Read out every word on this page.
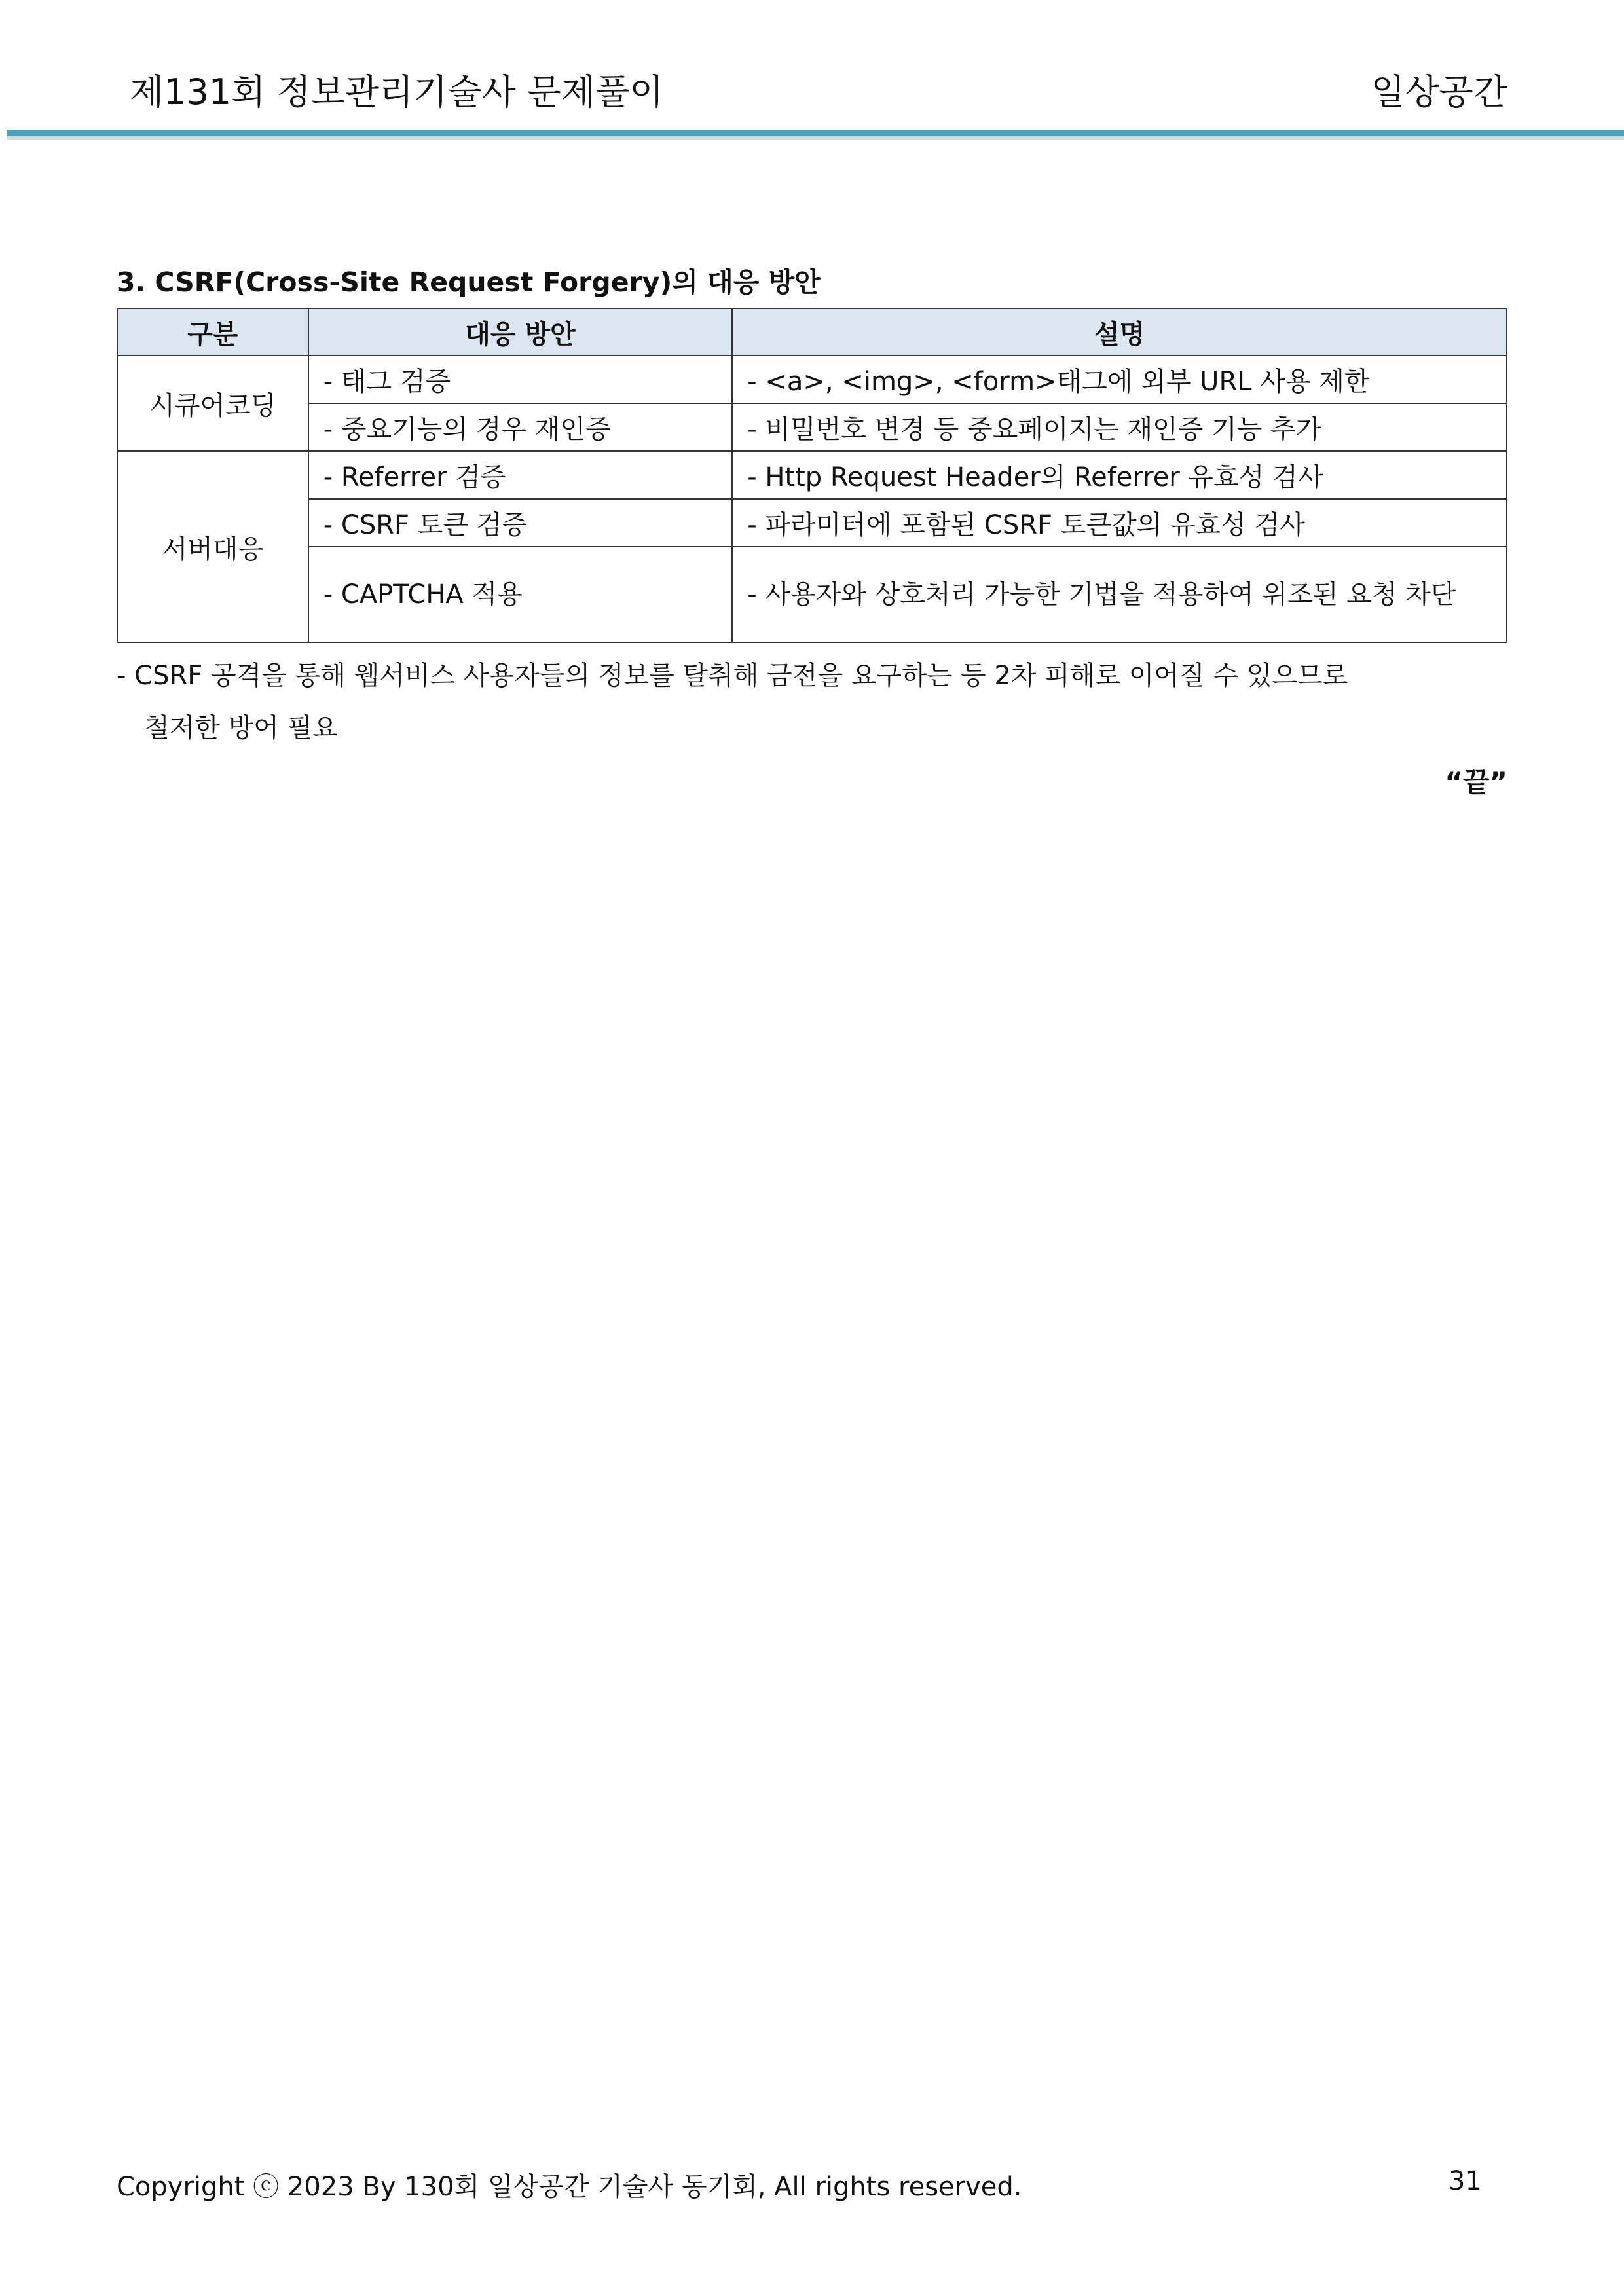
제131회 정보관리기술사 문제풀이	일상공간
3. CSRF(Cross-Site Request Forgery)의 대응 방안
구분	대응 방안	설명
시큐어코딩	- 태그 검증	- <a>, <img>, <form>태그에 외부 URL 사용 제한
	- 중요기능의 경우 재인증	- 비밀번호 변경 등 중요페이지는 재인증 기능 추가
서버대응	- Referrer 검증	- Http Request Header의 Referrer 유효성 검사
	- CSRF 토큰 검증	- 파라미터에 포함된 CSRF 토큰값의 유효성 검사
	- CAPTCHA 적용	- 사용자와 상호처리 가능한 기법을 적용하여 위조된 요청 차단
- CSRF 공격을 통해 웹서비스 사용자들의 정보를 탈취해 금전을 요구하는 등 2차 피해로 이어질 수 있으므로
철저한 방어 필요
“끝”
Copyright ⓒ 2023 By 130회 일상공간 기술사 동기회, All rights reserved.	31
